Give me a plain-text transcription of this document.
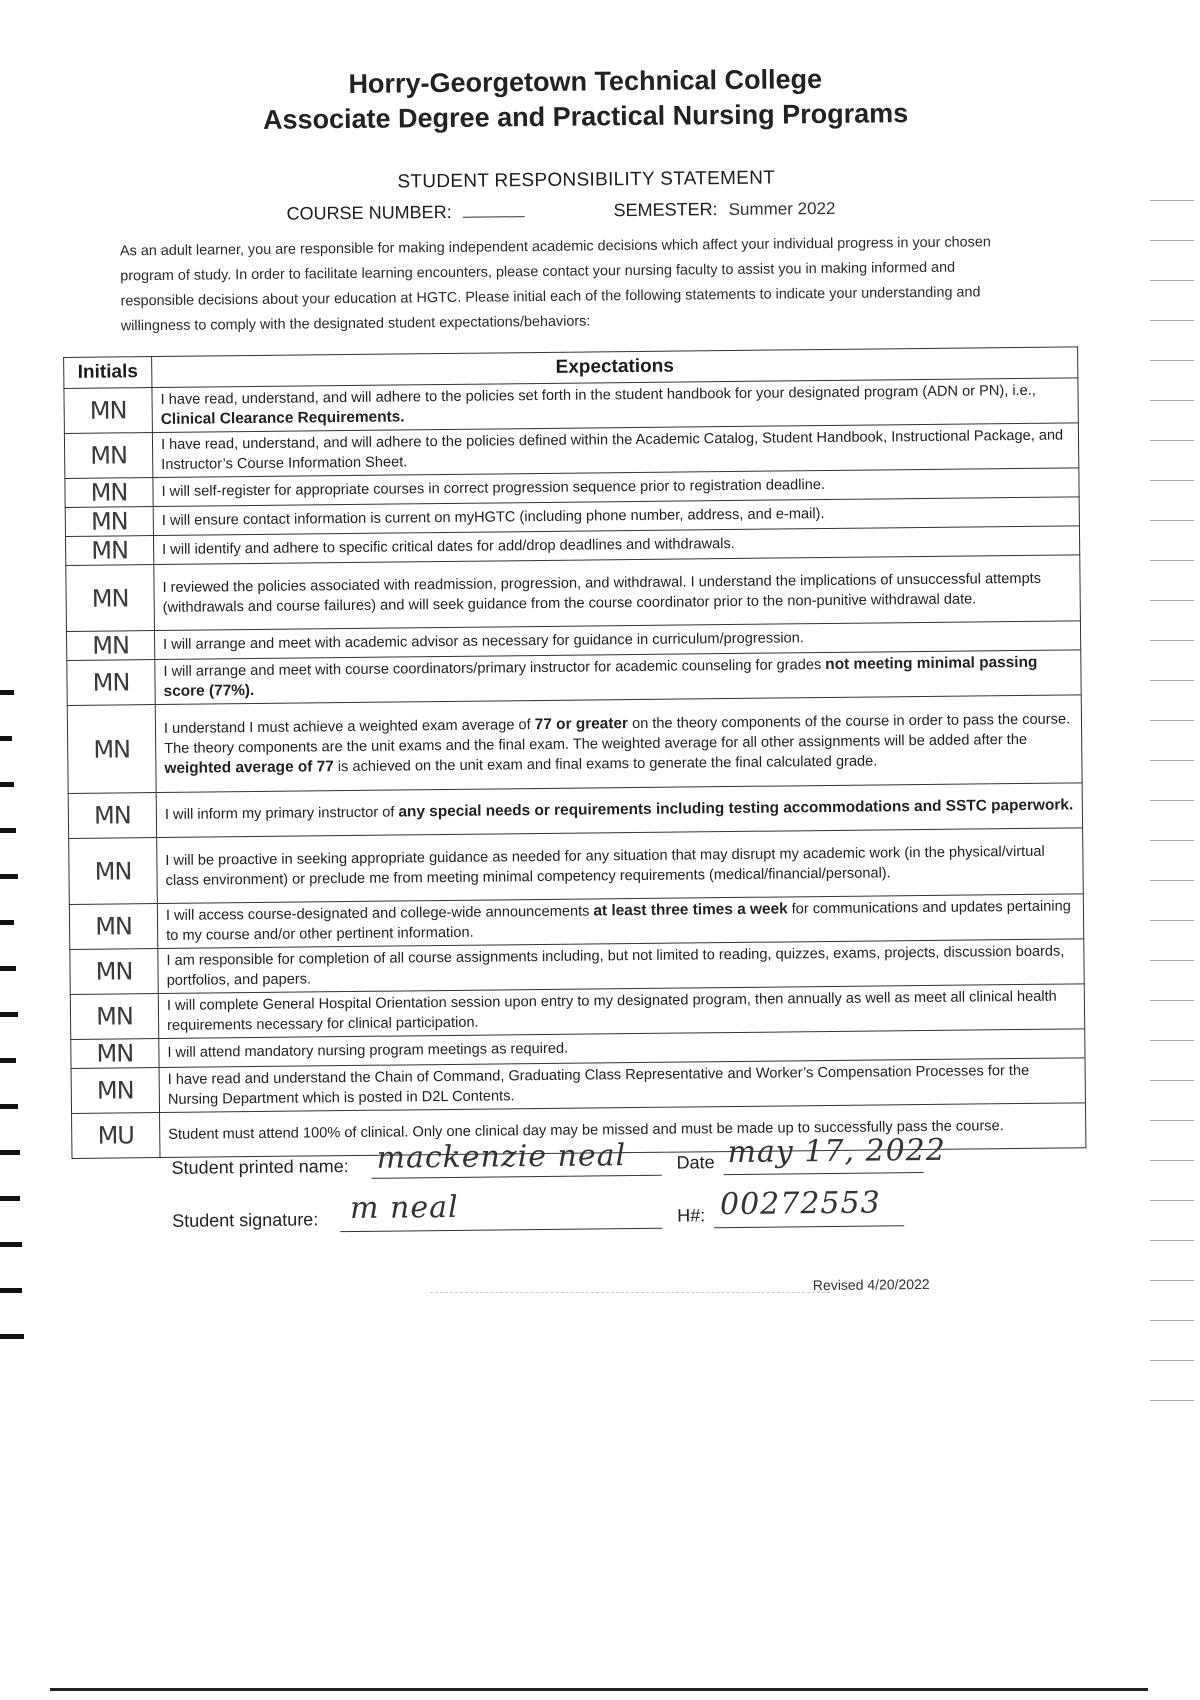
Horry-Georgetown Technical College
Associate Degree and Practical Nursing Programs
STUDENT RESPONSIBILITY STATEMENT
COURSE NUMBER:	SEMESTER: Summer 2022
As an adult learner, you are responsible for making independent academic decisions which affect your individual progress in your chosen program of study. In order to facilitate learning encounters, please contact your nursing faculty to assist you in making informed and responsible decisions about your education at HGTC. Please initial each of the following statements to indicate your understanding and willingness to comply with the designated student expectations/behaviors:
Initials	Expectations
MN	I have read, understand, and will adhere to the policies set forth in the student handbook for your designated program (ADN or PN), i.e., Clinical Clearance Requirements.
MN	I have read, understand, and will adhere to the policies defined within the Academic Catalog, Student Handbook, Instructional Package, and Instructor’s Course Information Sheet.
MN	I will self-register for appropriate courses in correct progression sequence prior to registration deadline.
MN	I will ensure contact information is current on myHGTC (including phone number, address, and e-mail).
MN	I will identify and adhere to specific critical dates for add/drop deadlines and withdrawals.
MN	I reviewed the policies associated with readmission, progression, and withdrawal. I understand the implications of unsuccessful attempts (withdrawals and course failures) and will seek guidance from the course coordinator prior to the non-punitive withdrawal date.
MN	I will arrange and meet with academic advisor as necessary for guidance in curriculum/progression.
MN	I will arrange and meet with course coordinators/primary instructor for academic counseling for grades not meeting minimal passing score (77%).
MN	I understand I must achieve a weighted exam average of 77 or greater on the theory components of the course in order to pass the course. The theory components are the unit exams and the final exam. The weighted average for all other assignments will be added after the weighted average of 77 is achieved on the unit exam and final exams to generate the final calculated grade.
MN	I will inform my primary instructor of any special needs or requirements including testing accommodations and SSTC paperwork.
MN	I will be proactive in seeking appropriate guidance as needed for any situation that may disrupt my academic work (in the physical/virtual class environment) or preclude me from meeting minimal competency requirements (medical/financial/personal).
MN	I will access course-designated and college-wide announcements at least three times a week for communications and updates pertaining to my course and/or other pertinent information.
MN	I am responsible for completion of all course assignments including, but not limited to reading, quizzes, exams, projects, discussion boards, portfolios, and papers.
MN	I will complete General Hospital Orientation session upon entry to my designated program, then annually as well as meet all clinical health requirements necessary for clinical participation.
MN	I will attend mandatory nursing program meetings as required.
MN	I have read and understand the Chain of Command, Graduating Class Representative and Worker’s Compensation Processes for the Nursing Department which is posted in D2L Contents.
MU	Student must attend 100% of clinical. Only one clinical day may be missed and must be made up to successfully pass the course.
Student printed name: mackenzie neal	Date may 17, 2022
Student signature: m neal	H#: 00272553
Revised 4/20/2022
